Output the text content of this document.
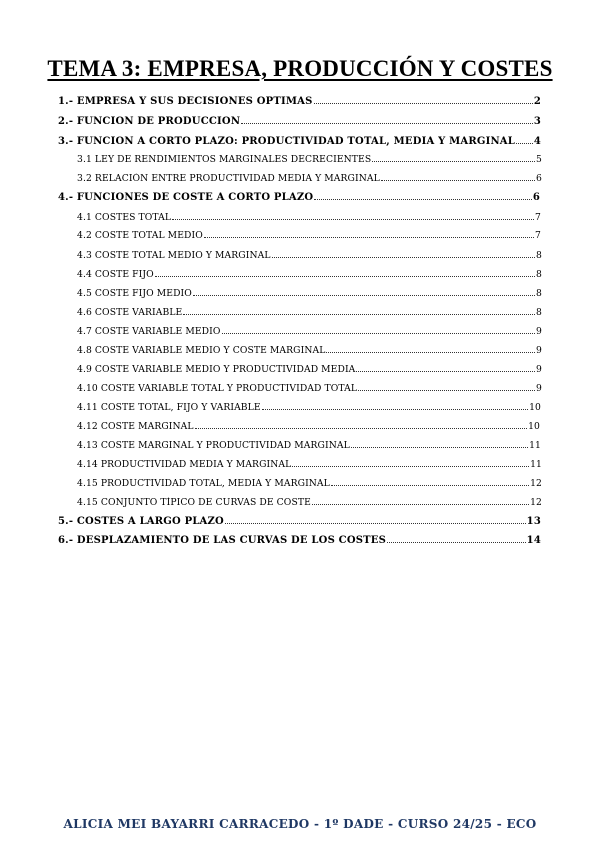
TEMA 3: EMPRESA, PRODUCCIÓN Y COSTES
1.- EMPRESA Y SUS DECISIONES ÓPTIMAS	2
2.- FUNCIÓN DE PRODUCCIÓN	3
3.- FUNCIÓN A CORTO PLAZO: PRODUCTIVIDAD TOTAL, MEDIA Y MARGINAL 4
3.1 LEY DE RENDIMIENTOS MARGINALES DECRECIENTES	5
3.2 RELACIÓN ENTRE PRODUCTIVIDAD MEDIA Y MARGINAL	6
4.- FUNCIONES DE COSTE A CORTO PLAZO	6
4.1 COSTES TOTAL	7
4.2 COSTE TOTAL MEDIO	7
4.3 COSTE TOTAL MEDIO Y MARGINAL	8
4.4 COSTE FIJO	8
4.5 COSTE FIJO MEDIO	8
4.6 COSTE VARIABLE	8
4.7 COSTE VARIABLE MEDIO	9
4.8 COSTE VARIABLE MEDIO Y COSTE MARGINAL	9
4.9 COSTE VARIABLE MEDIO Y PRODUCTIVIDAD MEDIA	9
4.10 COSTE VARIABLE TOTAL Y PRODUCTIVIDAD TOTAL	9
4.11 COSTE TOTAL, FIJO Y VARIABLE	10
4.12 COSTE MARGINAL	10
4.13 COSTE MARGINAL Y PRODUCTIVIDAD MARGINAL	11
4.14 PRODUCTIVIDAD MEDIA Y MARGINAL	11
4.15 PRODUCTIVIDAD TOTAL, MEDIA Y MARGINAL	12
4.15 CONJUNTO TÍPICO DE CURVAS DE COSTE	12
5.- COSTES A LARGO PLAZO	13
6.- DESPLAZAMIENTO DE LAS CURVAS DE LOS COSTES	14
ALICIA MEI BAYARRI CARRACEDO - 1º DADE - CURSO 24/25 - ECO
